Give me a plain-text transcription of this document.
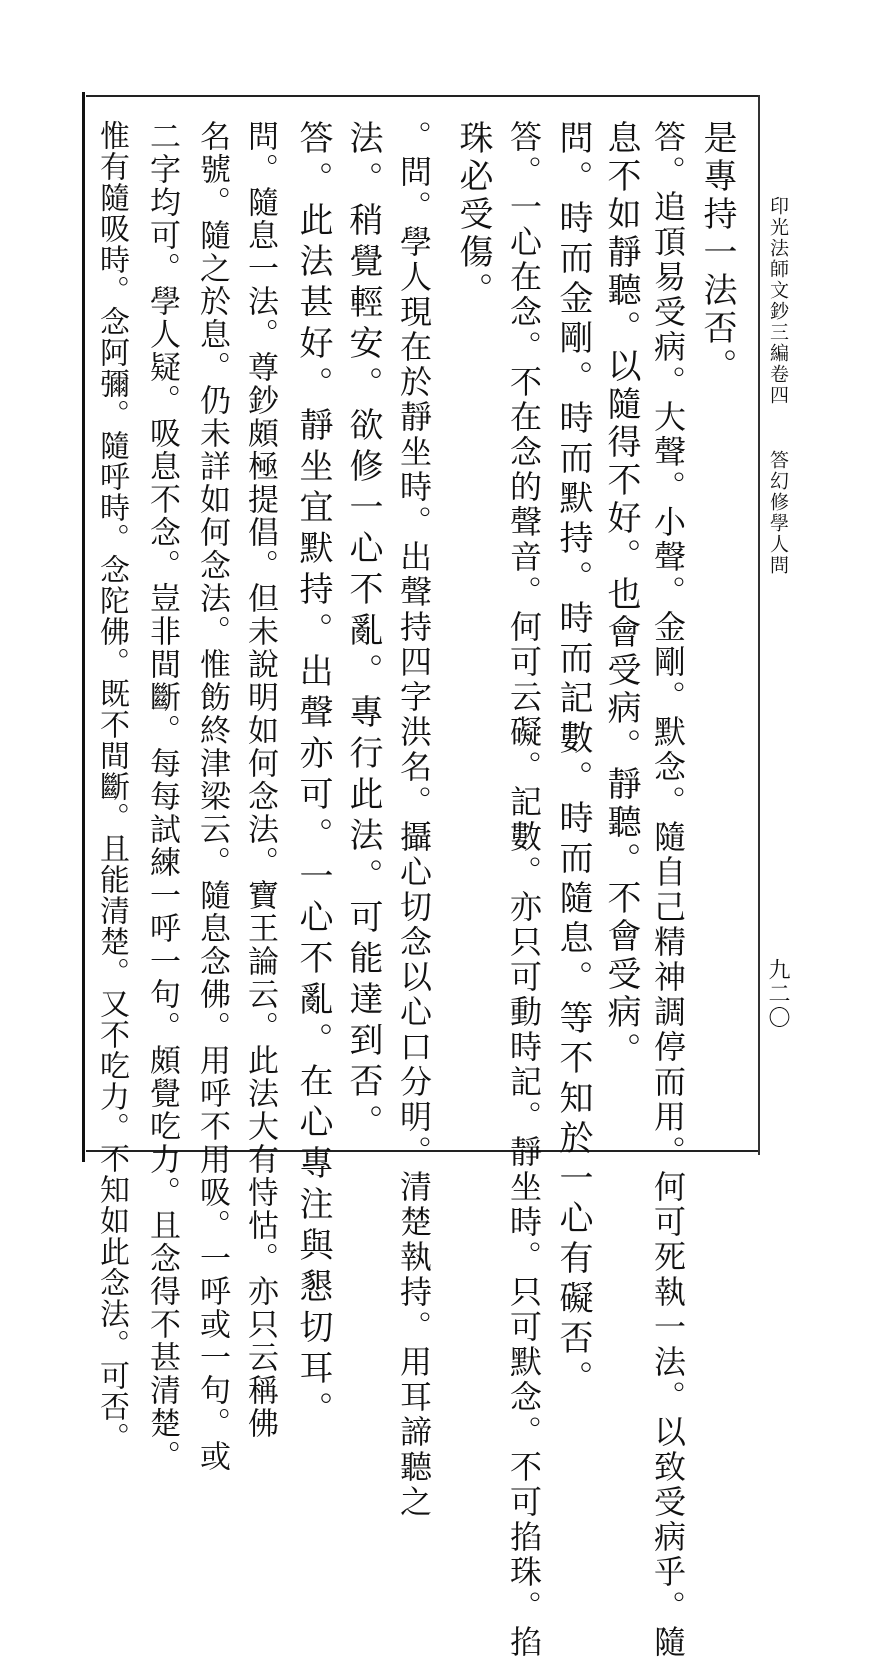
印光法師文鈔三編卷四
答幻修學人問
九二〇
是專持一法否。
答。追頂易受病。大聲。小聲。金剛。默念。隨自己精神調停而用。何可死執一法。以致受病乎。隨
息不如靜聽。以隨得不好。也會受病。靜聽。不會受病。
問。時而金剛。時而默持。時而記數。時而隨息。等不知於一心有礙否。
答。一心在念。不在念的聲音。何可云礙。記數。亦只可動時記。靜坐時。只可默念。不可掐珠。掐
珠必受傷。
。問。學人現在於靜坐時。出聲持四字洪名。攝心切念以心口分明。清楚執持。用耳諦聽之
法。稍覺輕安。欲修一心不亂。專行此法。可能達到否。
答。此法甚好。靜坐宜默持。出聲亦可。一心不亂。在心專注與懇切耳。
問。隨息一法。尊鈔頗極提倡。但未說明如何念法。寶王論云。此法大有恃怙。亦只云稱佛
名號。隨之於息。仍未詳如何念法。惟飭終津梁云。隨息念佛。用呼不用吸。一呼或一句。或
二字均可。學人疑。吸息不念。豈非間斷。每每試練一呼一句。頗覺吃力。且念得不甚清楚。
惟有隨吸時。念阿彌。隨呼時。念陀佛。既不間斷。且能清楚。又不吃力。不知如此念法。可否。
